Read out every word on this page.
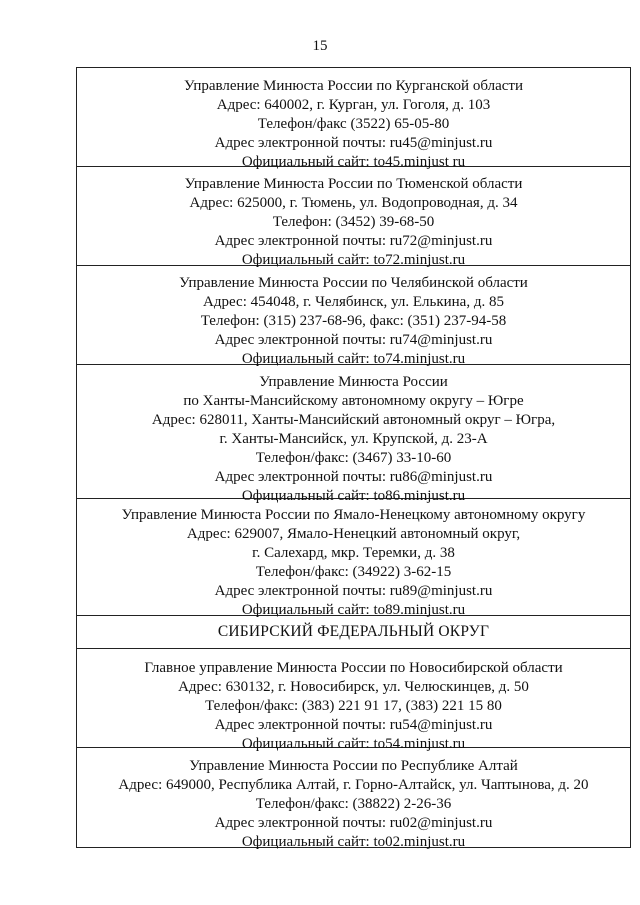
15
Управление Минюста России по Курганской области
Адрес: 640002, г. Курган, ул. Гоголя, д. 103
Телефон/факс (3522) 65-05-80
Адрес электронной почты: ru45@minjust.ru
Официальный сайт: to45.minjust ru
Управление Минюста России по Тюменской области
Адрес: 625000, г. Тюмень, ул. Водопроводная, д. 34
Телефон: (3452) 39-68-50
Адрес электронной почты: ru72@minjust.ru
Официальный сайт: to72.minjust.ru
Управление Минюста России по Челябинской области
Адрес: 454048, г. Челябинск, ул. Елькина, д. 85
Телефон: (315) 237-68-96, факс: (351) 237-94-58
Адрес электронной почты: ru74@minjust.ru
Официальный сайт: to74.minjust.ru
Управление Минюста России
по Ханты-Мансийскому автономному округу – Югре
Адрес: 628011, Ханты-Мансийский автономный округ – Югра,
г. Ханты-Мансийск, ул. Крупской, д. 23-А
Телефон/факс: (3467) 33-10-60
Адрес электронной почты: ru86@minjust.ru
Официальный сайт: to86.minjust.ru
Управление Минюста России по Ямало-Ненецкому автономному округу
Адрес: 629007, Ямало-Ненецкий автономный округ,
г. Салехард, мкр. Теремки, д. 38
Телефон/факс: (34922) 3-62-15
Адрес электронной почты: ru89@minjust.ru
Официальный сайт: to89.minjust.ru
СИБИРСКИЙ ФЕДЕРАЛЬНЫЙ ОКРУГ
Главное управление Минюста России по Новосибирской области
Адрес: 630132, г. Новосибирск, ул. Челюскинцев, д. 50
Телефон/факс: (383) 221 91 17, (383) 221 15 80
Адрес электронной почты: ru54@minjust.ru
Официальный сайт: to54.minjust.ru
Управление Минюста России по Республике Алтай
Адрес: 649000, Республика Алтай, г. Горно-Алтайск, ул. Чаптынова, д. 20
Телефон/факс: (38822) 2-26-36
Адрес электронной почты: ru02@minjust.ru
Официальный сайт: to02.minjust.ru
